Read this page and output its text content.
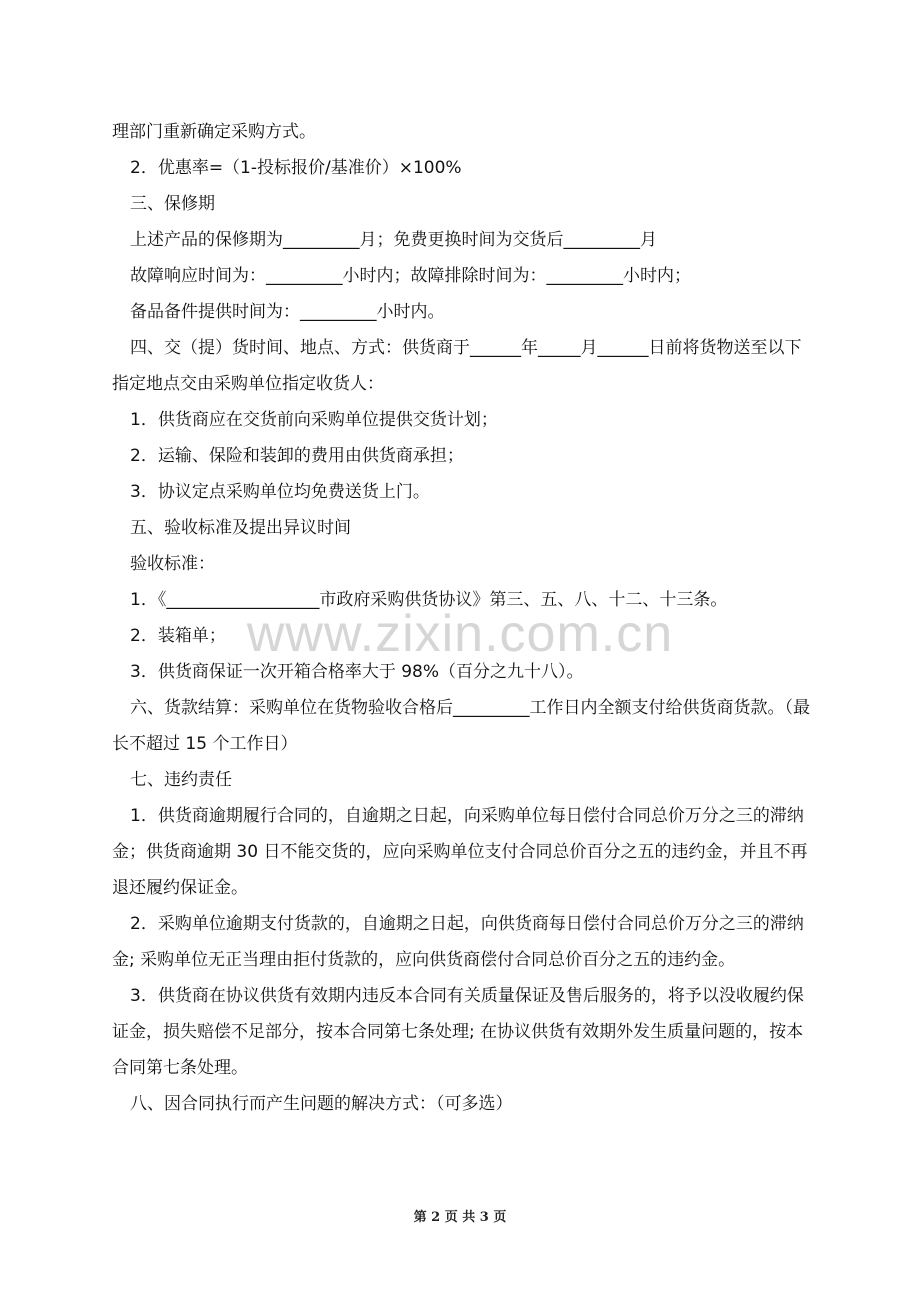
理部门重新确定采购方式。

2．优惠率=（1-投标报价/基准价）×100%

三、保修期

上述产品的保修期为_________月；免费更换时间为交货后_________月

故障响应时间为：_________小时内；故障排除时间为：_________小时内；

备品备件提供时间为：_________小时内。

四、交（提）货时间、地点、方式：供货商于______年_____月______日前将货物送至以下指定地点交由采购单位指定收货人：

1．供货商应在交货前向采购单位提供交货计划；

2．运输、保险和装卸的费用由供货商承担；

3．协议定点采购单位均免费送货上门。

五、验收标准及提出异议时间

验收标准：

1．《__________________市政府采购供货协议》第三、五、八、十二、十三条。

2．装箱单；

3．供货商保证一次开箱合格率大于 98%（百分之九十八）。

六、货款结算：采购单位在货物验收合格后_________工作日内全额支付给供货商货款。（最长不超过 15 个工作日）

七、违约责任

1．供货商逾期履行合同的，自逾期之日起，向采购单位每日偿付合同总价万分之三的滞纳金；供货商逾期 30 日不能交货的，应向采购单位支付合同总价百分之五的违约金，并且不再退还履约保证金。

2．采购单位逾期支付货款的，自逾期之日起，向供货商每日偿付合同总价万分之三的滞纳金; 采购单位无正当理由拒付货款的，应向供货商偿付合同总价百分之五的违约金。

3．供货商在协议供货有效期内违反本合同有关质量保证及售后服务的，将予以没收履约保证金，损失赔偿不足部分，按本合同第七条处理; 在协议供货有效期外发生质量问题的，按本合同第七条处理。

八、因合同执行而产生问题的解决方式：（可多选）

www.zixin.com.cn
第 2 页 共 3 页
